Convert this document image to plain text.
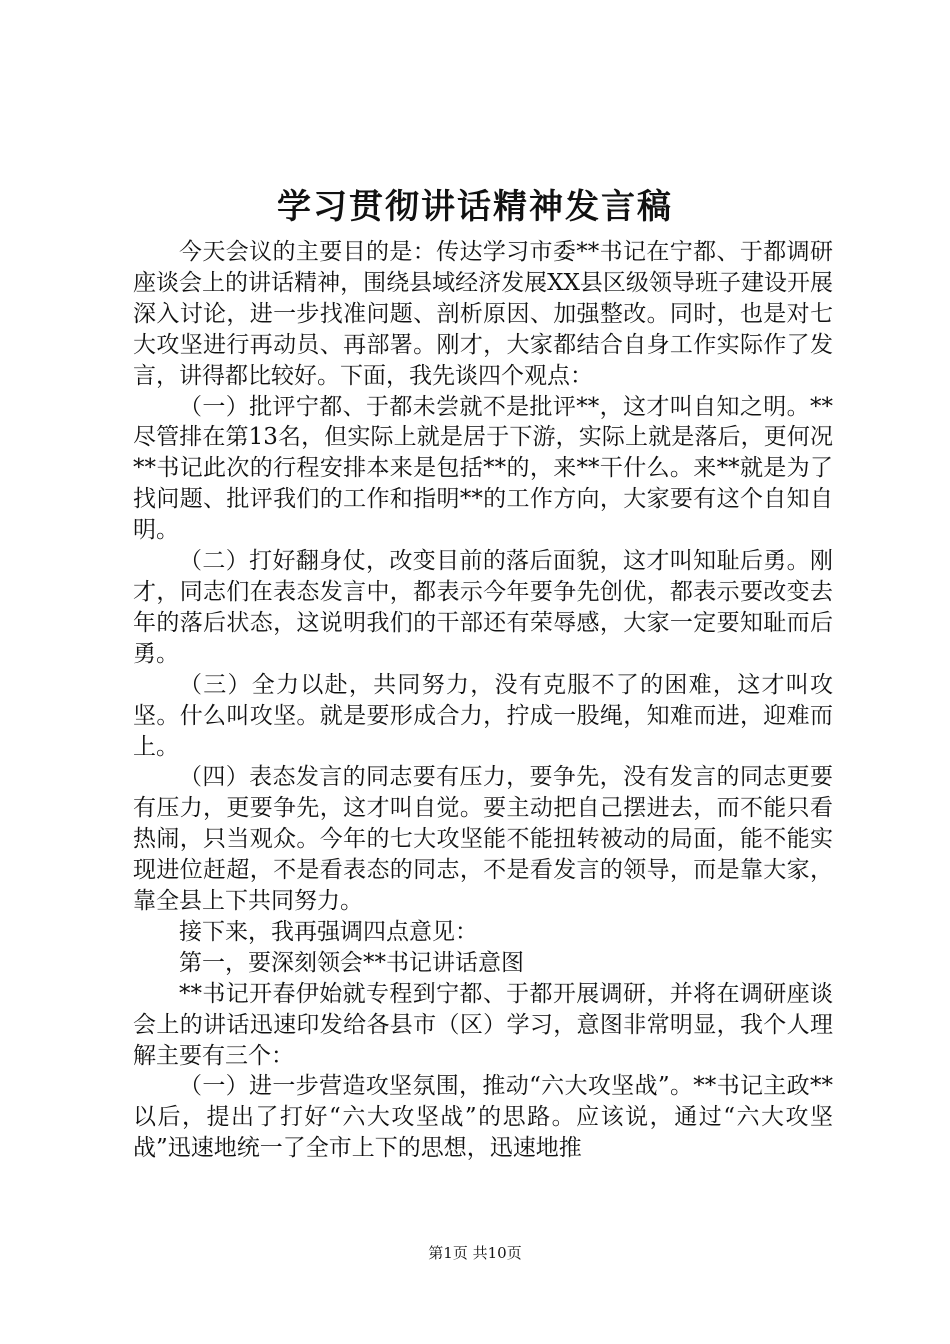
学习贯彻讲话精神发言稿

今天会议的主要目的是：传达学习市委**书记在宁都、于都调研座谈会上的讲话精神，围绕县域经济发展XX县区级领导班子建设开展深入讨论，进一步找准问题、剖析原因、加强整改。同时，也是对七大攻坚进行再动员、再部署。刚才，大家都结合自身工作实际作了发言，讲得都比较好。下面，我先谈四个观点：

（一）批评宁都、于都未尝就不是批评**，这才叫自知之明。**尽管排在第13名，但实际上就是居于下游，实际上就是落后，更何况**书记此次的行程安排本来是包括**的，来**干什么。来**就是为了找问题、批评我们的工作和指明**的工作方向，大家要有这个自知自明。

（二）打好翻身仗，改变目前的落后面貌，这才叫知耻后勇。刚才，同志们在表态发言中，都表示今年要争先创优，都表示要改变去年的落后状态，这说明我们的干部还有荣辱感，大家一定要知耻而后勇。

（三）全力以赴，共同努力，没有克服不了的困难，这才叫攻坚。什么叫攻坚。就是要形成合力，拧成一股绳，知难而进，迎难而上。

（四）表态发言的同志要有压力，要争先，没有发言的同志更要有压力，更要争先，这才叫自觉。要主动把自己摆进去，而不能只看热闹，只当观众。今年的七大攻坚能不能扭转被动的局面，能不能实现进位赶超，不是看表态的同志，不是看发言的领导，而是靠大家，靠全县上下共同努力。

接下来，我再强调四点意见：

第一，要深刻领会**书记讲话意图

**书记开春伊始就专程到宁都、于都开展调研，并将在调研座谈会上的讲话迅速印发给各县市（区）学习，意图非常明显，我个人理解主要有三个：

（一）进一步营造攻坚氛围，推动“六大攻坚战”。**书记主政**以后，提出了打好“六大攻坚战”的思路。应该说，通过“六大攻坚战”迅速地统一了全市上下的思想，迅速地推

第1页 共10页
